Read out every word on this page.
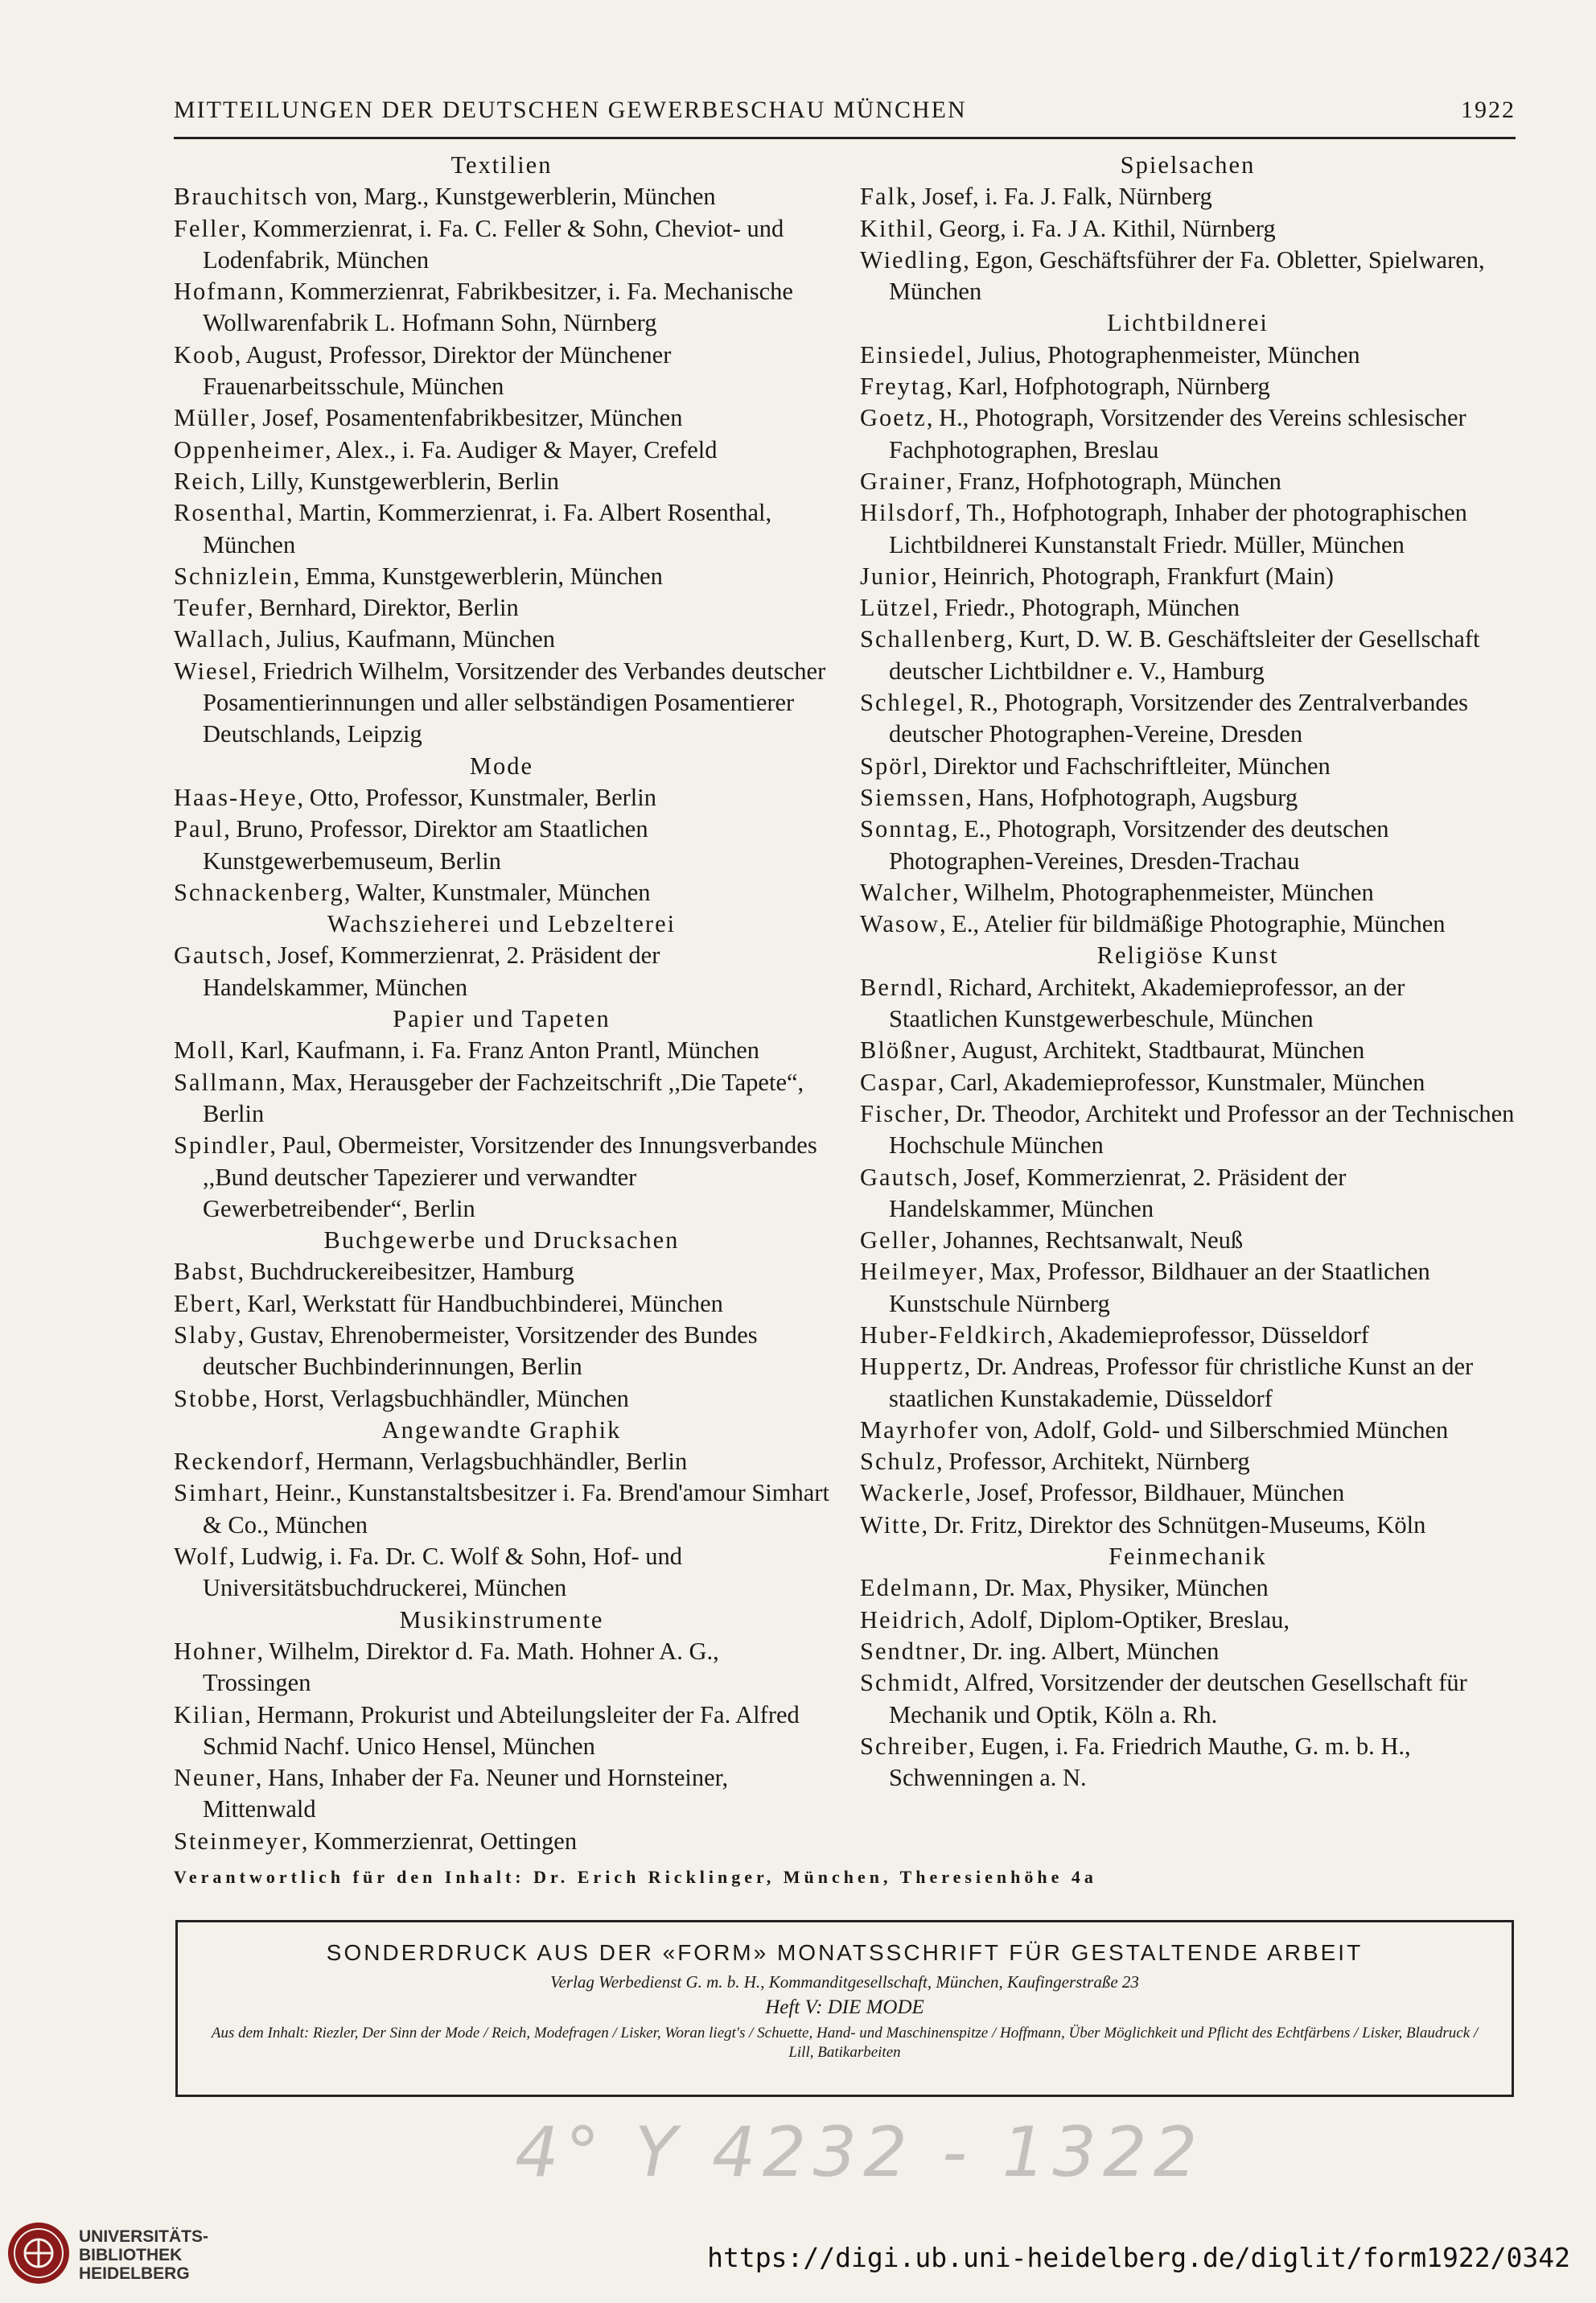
MITTEILUNGEN DER DEUTSCHEN GEWERBESCHAU MÜNCHEN	1922
Textilien
Brauchitsch von, Marg., Kunstgewerblerin, München
Feller, Kommerzienrat, i. Fa. C. Feller & Sohn, Cheviot- und Lodenfabrik, München
Hofmann, Kommerzienrat, Fabrikbesitzer, i. Fa. Mechanische Wollwarenfabrik L. Hofmann Sohn, Nürnberg
Koob, August, Professor, Direktor der Münchener Frauenarbeitsschule, München
Müller, Josef, Posamentenfabrikbesitzer, München
Oppenheimer, Alex., i. Fa. Audiger & Mayer, Crefeld
Reich, Lilly, Kunstgewerblerin, Berlin
Rosenthal, Martin, Kommerzienrat, i. Fa. Albert Rosenthal, München
Schnizlein, Emma, Kunstgewerblerin, München
Teufer, Bernhard, Direktor, Berlin
Wallach, Julius, Kaufmann, München
Wiesel, Friedrich Wilhelm, Vorsitzender des Verbandes deutscher Posamentierinnungen und aller selbständigen Posamentierer Deutschlands, Leipzig
Mode
Haas-Heye, Otto, Professor, Kunstmaler, Berlin
Paul, Bruno, Professor, Direktor am Staatlichen Kunstgewerbemuseum, Berlin
Schnackenberg, Walter, Kunstmaler, München
Wachszieherei und Lebzelterei
Gautsch, Josef, Kommerzienrat, 2. Präsident der Handelskammer, München
Papier und Tapeten
Moll, Karl, Kaufmann, i. Fa. Franz Anton Prantl, München
Sallmann, Max, Herausgeber der Fachzeitschrift ,,Die Tapete“, Berlin
Spindler, Paul, Obermeister, Vorsitzender des Innungsverbandes ,,Bund deutscher Tapezierer und verwandter Gewerbetreibender“, Berlin
Buchgewerbe und Drucksachen
Babst, Buchdruckereibesitzer, Hamburg
Ebert, Karl, Werkstatt für Handbuchbinderei, München
Slaby, Gustav, Ehrenobermeister, Vorsitzender des Bundes deutscher Buchbinderinnungen, Berlin
Stobbe, Horst, Verlagsbuchhändler, München
Angewandte Graphik
Reckendorf, Hermann, Verlagsbuchhändler, Berlin
Simhart, Heinr., Kunstanstaltsbesitzer i. Fa. Brend'amour Simhart & Co., München
Wolf, Ludwig, i. Fa. Dr. C. Wolf & Sohn, Hof- und Universitätsbuchdruckerei, München
Musikinstrumente
Hohner, Wilhelm, Direktor d. Fa. Math. Hohner A. G., Trossingen
Kilian, Hermann, Prokurist und Abteilungsleiter der Fa. Alfred Schmid Nachf. Unico Hensel, München
Neuner, Hans, Inhaber der Fa. Neuner und Hornsteiner, Mittenwald
Steinmeyer, Kommerzienrat, Oettingen
Spielsachen
Falk, Josef, i. Fa. J. Falk, Nürnberg
Kithil, Georg, i. Fa. J A. Kithil, Nürnberg
Wiedling, Egon, Geschäftsführer der Fa. Obletter, Spielwaren, München
Lichtbildnerei
Einsiedel, Julius, Photographenmeister, München
Freytag, Karl, Hofphotograph, Nürnberg
Goetz, H., Photograph, Vorsitzender des Vereins schlesischer Fachphotographen, Breslau
Grainer, Franz, Hofphotograph, München
Hilsdorf, Th., Hofphotograph, Inhaber der photographischen Lichtbildnerei Kunstanstalt Friedr. Müller, München
Junior, Heinrich, Photograph, Frankfurt (Main)
Lützel, Friedr., Photograph, München
Schallenberg, Kurt, D. W. B. Geschäftsleiter der Gesellschaft deutscher Lichtbildner e. V., Hamburg
Schlegel, R., Photograph, Vorsitzender des Zentralverbandes deutscher Photographen-Vereine, Dresden
Spörl, Direktor und Fachschriftleiter, München
Siemssen, Hans, Hofphotograph, Augsburg
Sonntag, E., Photograph, Vorsitzender des deutschen Photographen-Vereines, Dresden-Trachau
Walcher, Wilhelm, Photographenmeister, München
Wasow, E., Atelier für bildmäßige Photographie, München
Religiöse Kunst
Berndl, Richard, Architekt, Akademieprofessor, an der Staatlichen Kunstgewerbeschule, München
Blößner, August, Architekt, Stadtbaurat, München
Caspar, Carl, Akademieprofessor, Kunstmaler, München
Fischer, Dr. Theodor, Architekt und Professor an der Technischen Hochschule München
Gautsch, Josef, Kommerzienrat, 2. Präsident der Handelskammer, München
Geller, Johannes, Rechtsanwalt, Neuß
Heilmeyer, Max, Professor, Bildhauer an der Staatlichen Kunstschule Nürnberg
Huber-Feldkirch, Akademieprofessor, Düsseldorf
Huppertz, Dr. Andreas, Professor für christliche Kunst an der staatlichen Kunstakademie, Düsseldorf
Mayrhofer von, Adolf, Gold- und Silberschmied München
Schulz, Professor, Architekt, Nürnberg
Wackerle, Josef, Professor, Bildhauer, München
Witte, Dr. Fritz, Direktor des Schnütgen-Museums, Köln
Feinmechanik
Edelmann, Dr. Max, Physiker, München
Heidrich, Adolf, Diplom-Optiker, Breslau,
Sendtner, Dr. ing. Albert, München
Schmidt, Alfred, Vorsitzender der deutschen Gesellschaft für Mechanik und Optik, Köln a. Rh.
Schreiber, Eugen, i. Fa. Friedrich Mauthe, G. m. b. H., Schwenningen a. N.
Verantwortlich für den Inhalt: Dr. Erich Ricklinger, München, Theresienhöhe 4a
SONDERDRUCK AUS DER «FORM» MONATSSCHRIFT FÜR GESTALTENDE ARBEIT
Verlag Werbedienst G. m. b. H., Kommanditgesellschaft, München, Kaufingerstraße 23
Heft V: DIE MODE
Aus dem Inhalt: Riezler, Der Sinn der Mode / Reich, Modefragen / Lisker, Woran liegt's / Schuette, Hand- und Maschinenspitze / Hoffmann, Über Möglichkeit und Pflicht des Echtfärbens / Lisker, Blaudruck / Lill, Batikarbeiten
4° Y 4232 - 1322
UNIVERSITÄTS-
BIBLIOTHEK
HEIDELBERG
https://digi.ub.uni-heidelberg.de/diglit/form1922/0342
